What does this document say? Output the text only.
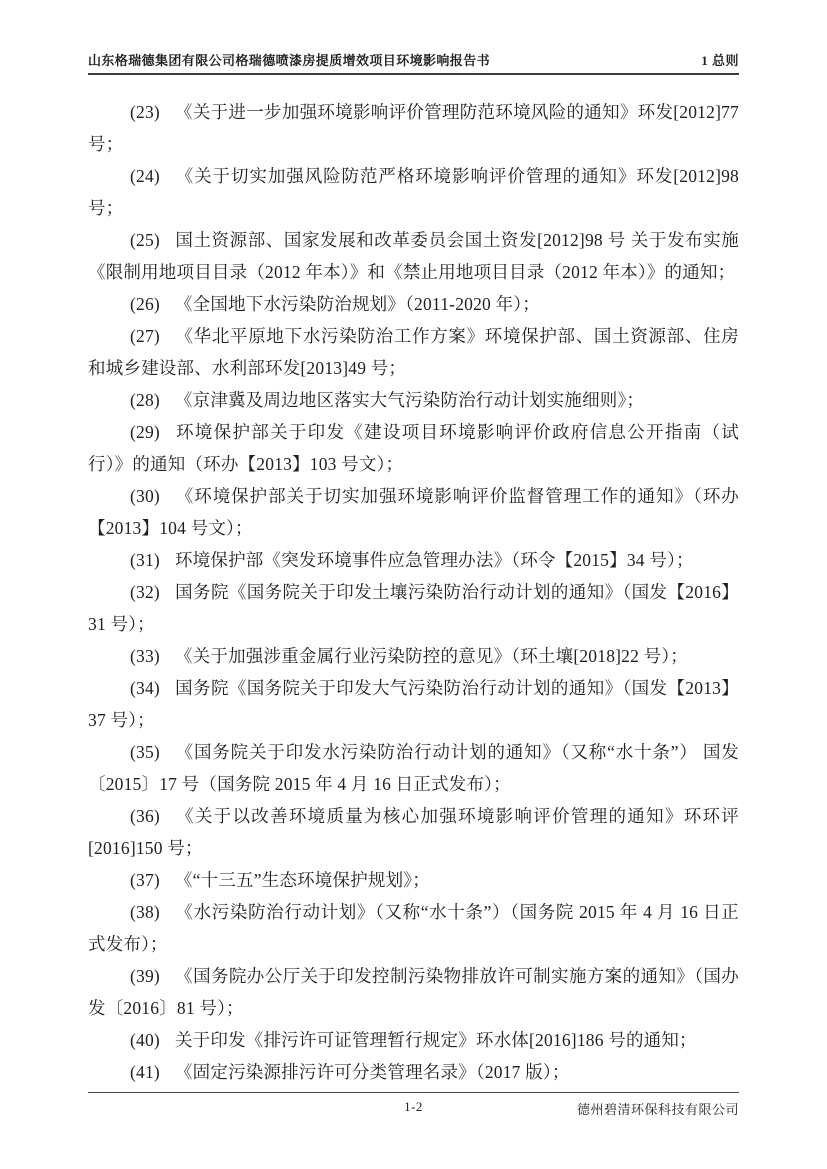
山东格瑞德集团有限公司格瑞德喷漆房提质增效项目环境影响报告书	1 总则

(23) 《关于进一步加强环境影响评价管理防范环境风险的通知》环发[2012]77 号；

(24) 《关于切实加强风险防范严格环境影响评价管理的通知》环发[2012]98 号；

(25) 国土资源部、国家发展和改革委员会国土资发[2012]98 号 关于发布实施《限制用地项目目录（2012 年本）》和《禁止用地项目目录（2012 年本）》的通知；

(26) 《全国地下水污染防治规划》（2011-2020 年）；

(27) 《华北平原地下水污染防治工作方案》环境保护部、国土资源部、住房和城乡建设部、水利部环发[2013]49 号；

(28) 《京津冀及周边地区落实大气污染防治行动计划实施细则》；

(29) 环境保护部关于印发《建设项目环境影响评价政府信息公开指南（试行）》的通知（环办【2013】103 号文）；

(30) 《环境保护部关于切实加强环境影响评价监督管理工作的通知》（环办【2013】104 号文）；

(31) 环境保护部《突发环境事件应急管理办法》（环令【2015】34 号）；

(32) 国务院《国务院关于印发土壤污染防治行动计划的通知》（国发【2016】31 号）；

(33) 《关于加强涉重金属行业污染防控的意见》（环土壤[2018]22 号）；

(34) 国务院《国务院关于印发大气污染防治行动计划的通知》（国发【2013】37 号）；

(35) 《国务院关于印发水污染防治行动计划的通知》（又称“水十条”） 国发〔2015〕17 号（国务院 2015 年 4 月 16 日正式发布）；

(36) 《关于以改善环境质量为核心加强环境影响评价管理的通知》环环评[2016]150 号；

(37) 《“十三五”生态环境保护规划》；

(38) 《水污染防治行动计划》（又称“水十条”）（国务院 2015 年 4 月 16 日正式发布）；

(39) 《国务院办公厅关于印发控制污染物排放许可制实施方案的通知》（国办发〔2016〕81 号）；

(40) 关于印发《排污许可证管理暂行规定》环水体[2016]186 号的通知；

(41) 《固定污染源排污许可分类管理名录》（2017 版）；

1-2	德州碧清环保科技有限公司
